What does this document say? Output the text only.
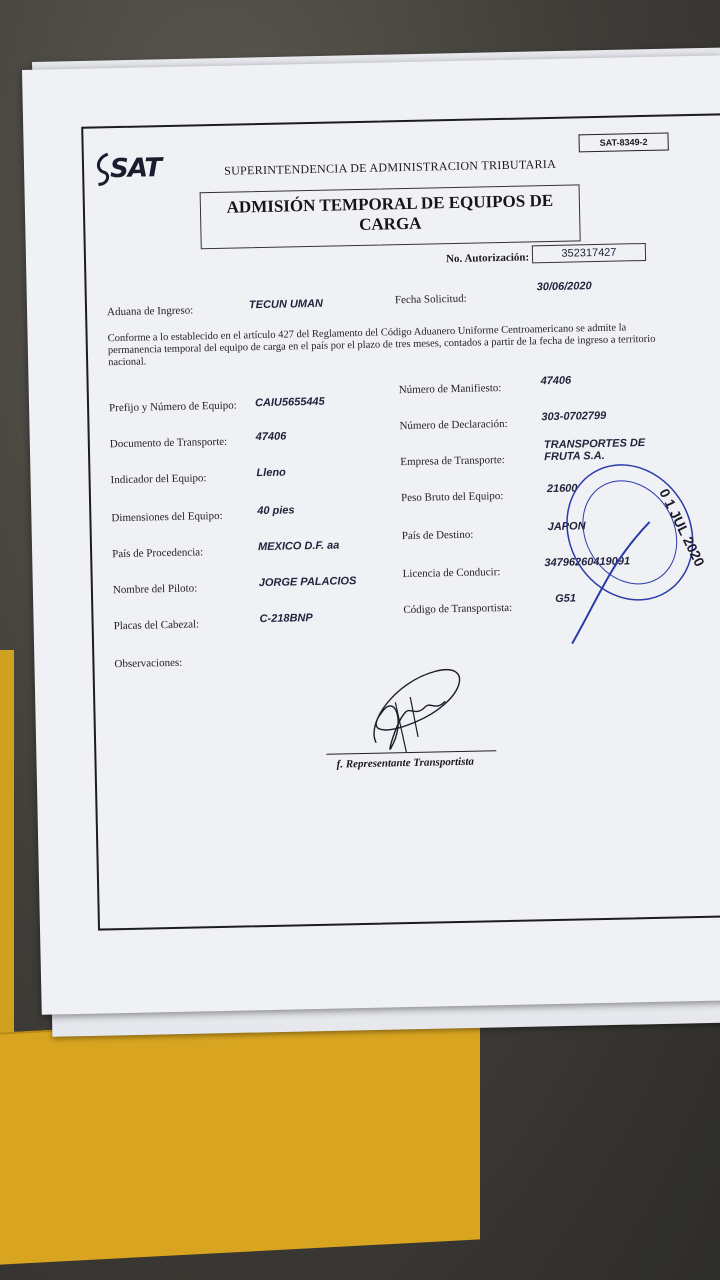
SAT	SUPERINTENDENCIA DE ADMINISTRACION TRIBUTARIA
SAT-8349-2
ADMISIÓN TEMPORAL DE EQUIPOS DE
CARGA
No. Autorización:	352317427
Aduana de Ingreso:	TECUN UMAN	Fecha Solicitud:
30/06/2020
Conforme a lo establecido en el artículo 427 del Reglamento del Código Aduanero Uniforme Centroamericano se admite la permanencia temporal del equipo de carga en el país por el plazo de tres meses, contados a partir de la fecha de ingreso a territorio nacional.
Prefijo y Número de Equipo: CAIU5655445
Documento de Transporte:	47406
Indicador del Equipo:	Lleno
Dimensiones del Equipo:	40 pies
País de Procedencia:
MEXICO D.F. aa
Nombre del Piloto:
JORGE PALACIOS
Placas del Cabezal:	C-218BNP
Número de Manifiesto:
47406
Número de Declaración:
303-0702799
Empresa de Transporte:
TRANSPORTES DE
FRUTA S.A.
Peso Bruto del Equipo:
21600
País de Destino:
JAPON
Licencia de Conducir:
34796260419091
Código de Transportista:
G51
Observaciones:
f. Representante Transportista
0 1 JUL 2020
